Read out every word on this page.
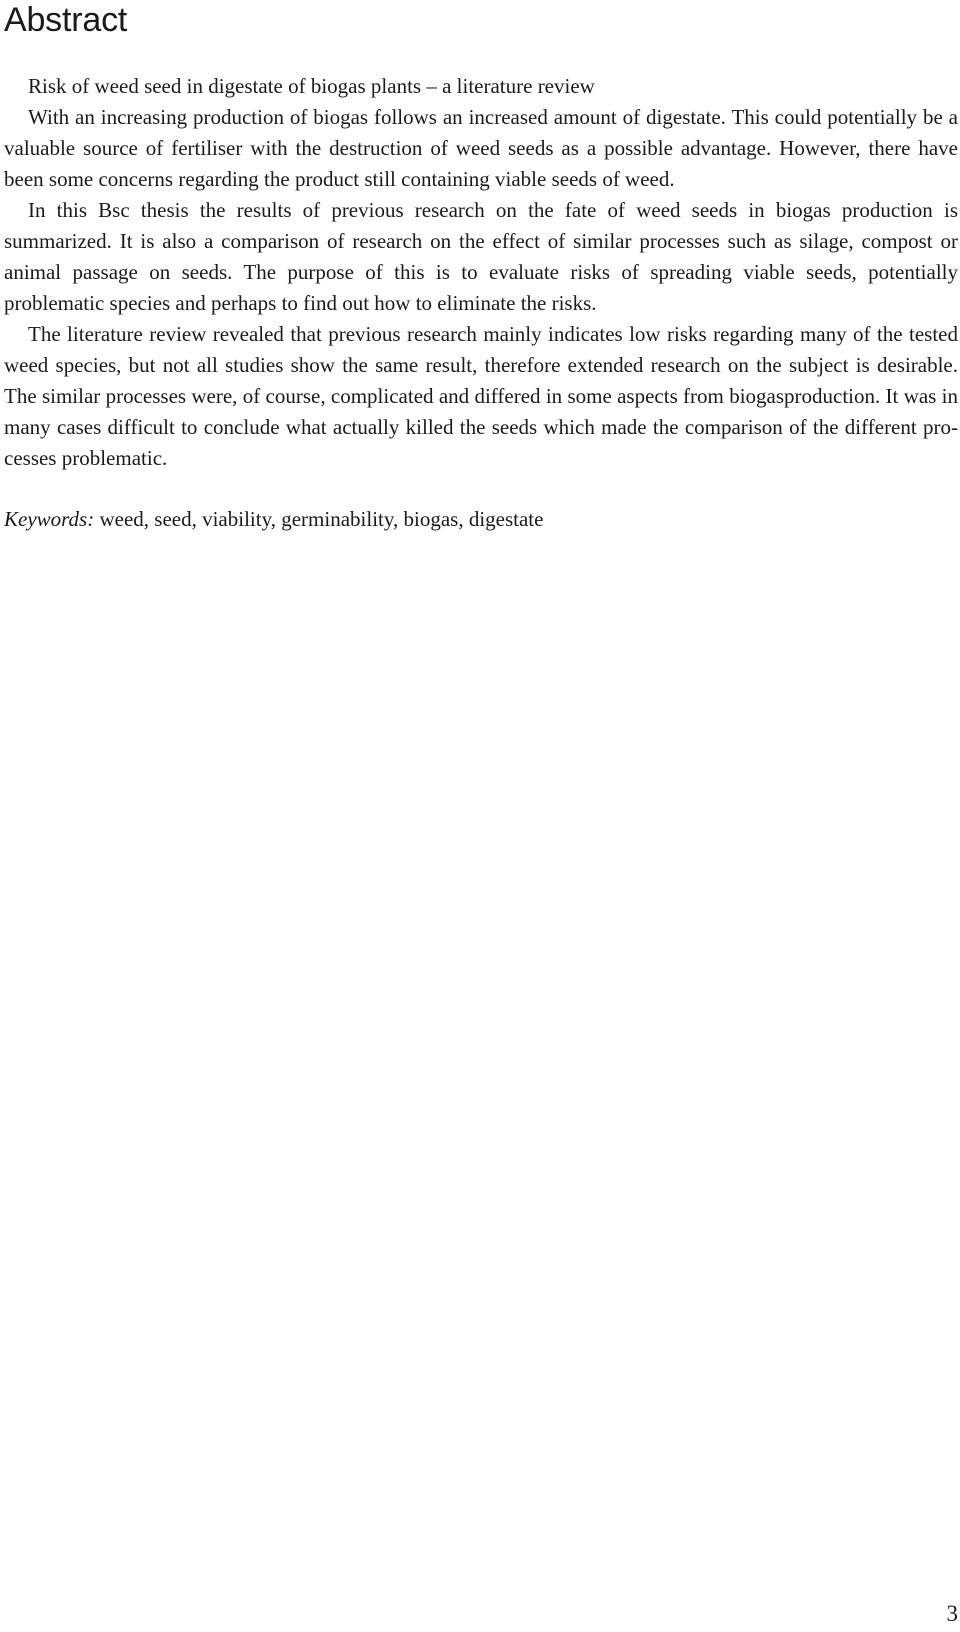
Abstract

Risk of weed seed in digestate of biogas plants – a literature review

With an increasing production of biogas follows an increased amount of digestate. This could potentially be a valuable source of fertiliser with the destruction of weed seeds as a possible advantage. However, there have been some concerns regarding the product still containing viable seeds of weed.

In this Bsc thesis the results of previous research on the fate of weed seeds in biogas production is summarized. It is also a comparison of research on the effect of similar processes such as silage, compost or animal passage on seeds. The purpose of this is to evaluate risks of spreading viable seeds, potentially problematic species and perhaps to find out how to eliminate the risks.

The literature review revealed that previous research mainly indicates low risks regarding many of the tested weed species, but not all studies show the same result, therefore extended research on the subject is desirable. The similar processes were, of course, complicated and differed in some aspects from biogasproduction. It was in many cases difficult to conclude what actually killed the seeds which made the comparison of the different processes problematic.

Keywords: weed, seed, viability, germinability, biogas, digestate

3
